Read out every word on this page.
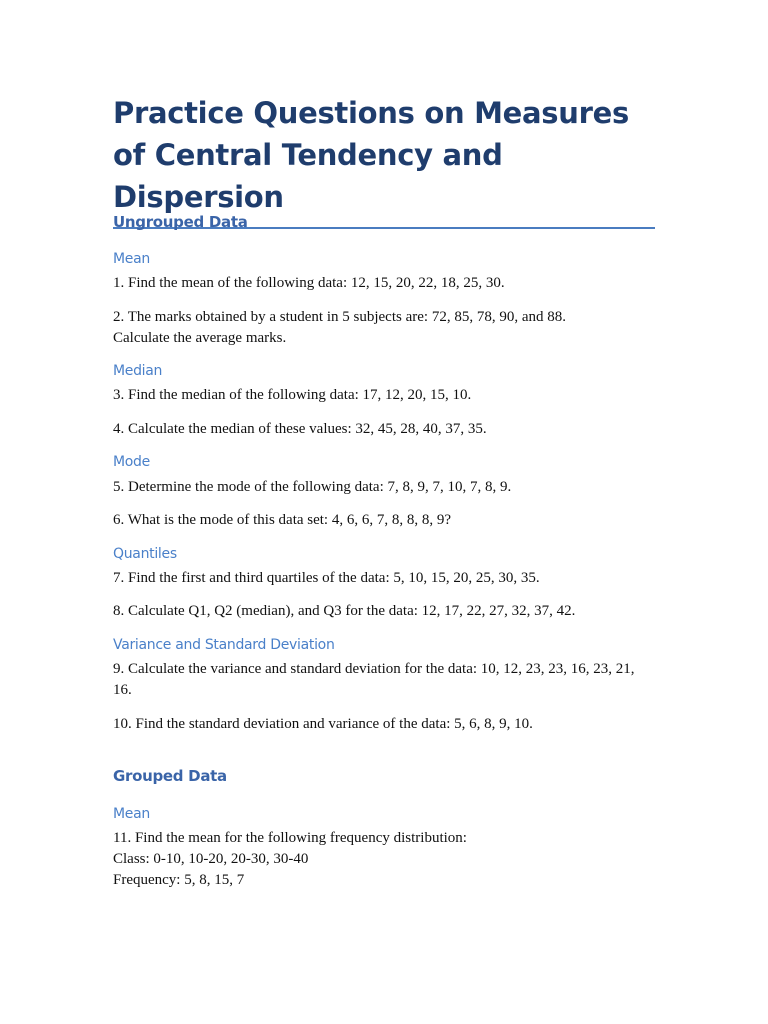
Practice Questions on Measures of Central Tendency and Dispersion

Ungrouped Data

Mean

1. Find the mean of the following data: 12, 15, 20, 22, 18, 25, 30.

2. The marks obtained by a student in 5 subjects are: 72, 85, 78, 90, and 88. Calculate the average marks.

Median

3. Find the median of the following data: 17, 12, 20, 15, 10.

4. Calculate the median of these values: 32, 45, 28, 40, 37, 35.

Mode

5. Determine the mode of the following data: 7, 8, 9, 7, 10, 7, 8, 9.

6. What is the mode of this data set: 4, 6, 6, 7, 8, 8, 8, 9?

Quantiles

7. Find the first and third quartiles of the data: 5, 10, 15, 20, 25, 30, 35.

8. Calculate Q1, Q2 (median), and Q3 for the data: 12, 17, 22, 27, 32, 37, 42.

Variance and Standard Deviation

9. Calculate the variance and standard deviation for the data: 10, 12, 23, 23, 16, 23, 21, 16.

10. Find the standard deviation and variance of the data: 5, 6, 8, 9, 10.

Grouped Data

Mean

11. Find the mean for the following frequency distribution:

Class: 0-10, 10-20, 20-30, 30-40

Frequency: 5, 8, 15, 7
